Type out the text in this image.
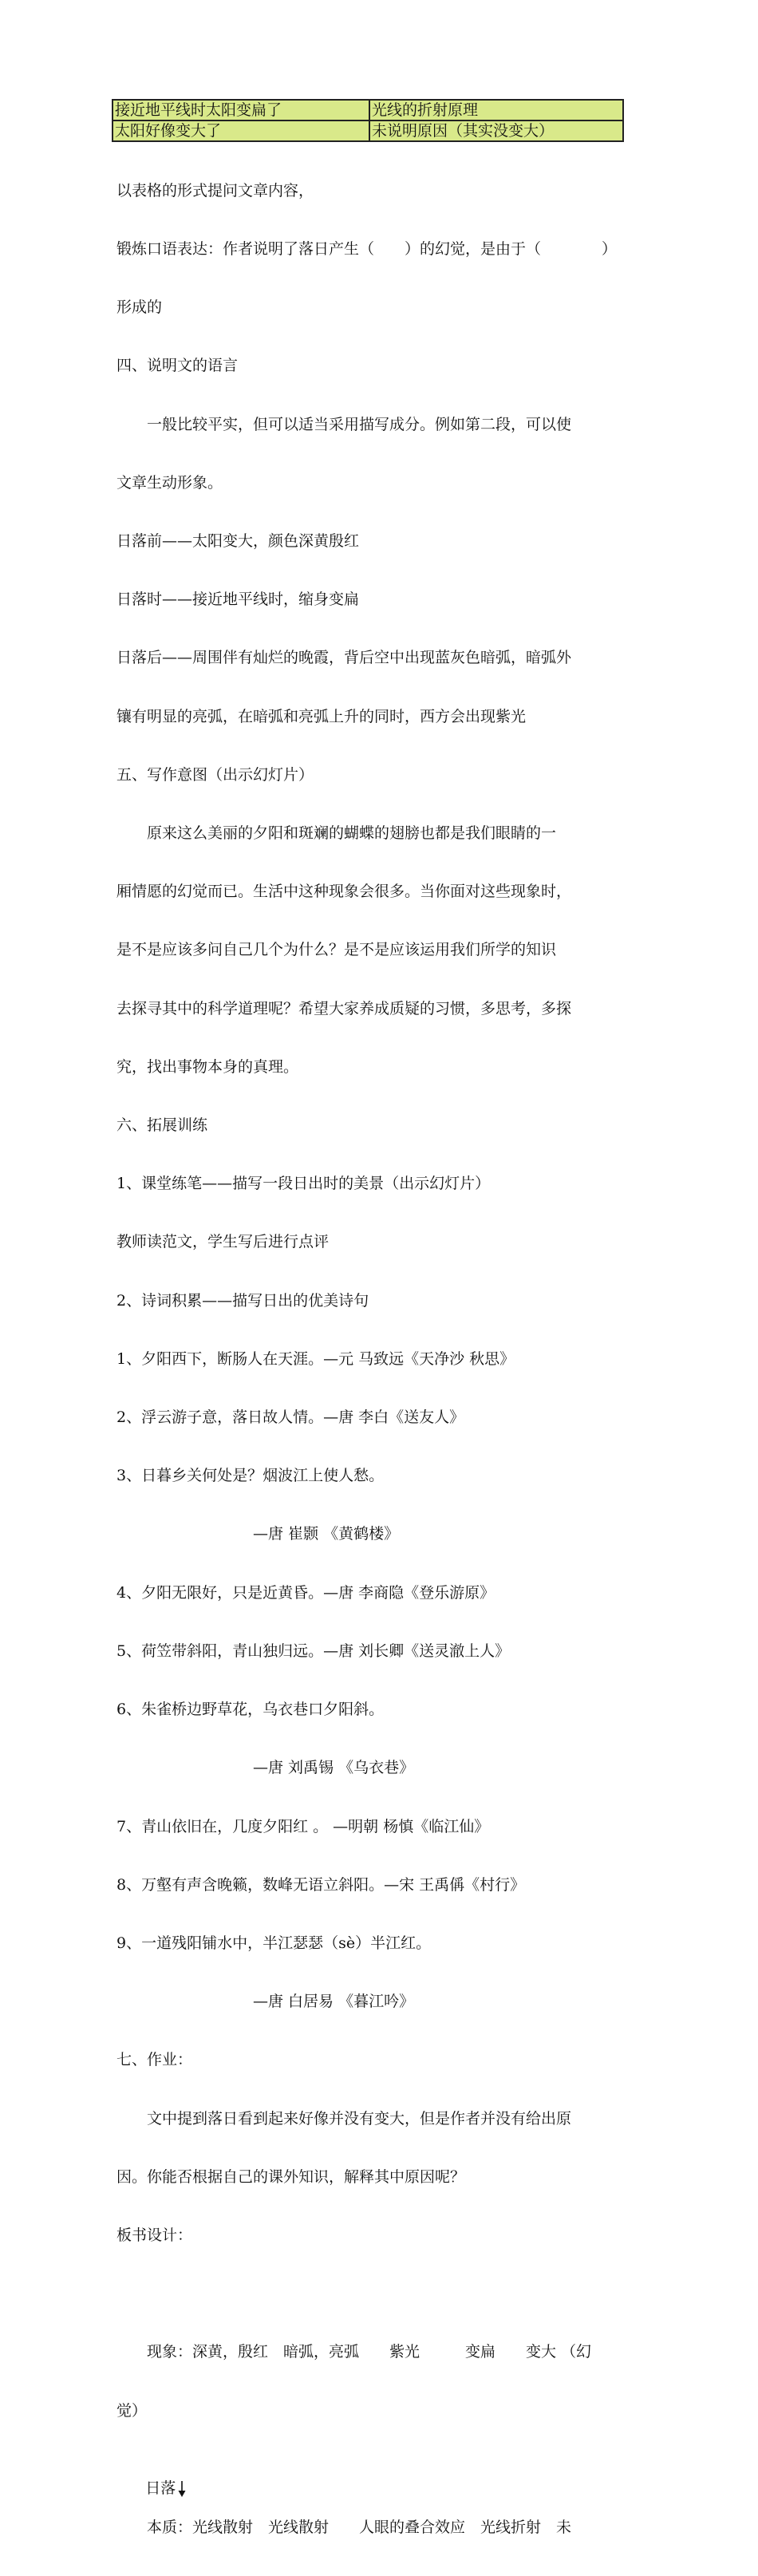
接近地平线时太阳变扁了	光线的折射原理
太阳好像变大了	未说明原因（其实没变大）

以表格的形式提问文章内容，

锻炼口语表达：作者说明了落日产生（　　）的幻觉，是由于（　　　　）

形成的

四、说明文的语言

　　一般比较平实，但可以适当采用描写成分。例如第二段，可以使

文章生动形象。

日落前——太阳变大，颜色深黄殷红

日落时——接近地平线时，缩身变扁

日落后——周围伴有灿烂的晚霞，背后空中出现蓝灰色暗弧，暗弧外

镶有明显的亮弧，在暗弧和亮弧上升的同时，西方会出现紫光

五、写作意图（出示幻灯片）

　　原来这么美丽的夕阳和斑斓的蝴蝶的翅膀也都是我们眼睛的一

厢情愿的幻觉而已。生活中这种现象会很多。当你面对这些现象时，

是不是应该多问自己几个为什么？是不是应该运用我们所学的知识

去探寻其中的科学道理呢？希望大家养成质疑的习惯，多思考，多探

究，找出事物本身的真理。

六、拓展训练

1、课堂练笔——描写一段日出时的美景（出示幻灯片）

教师读范文，学生写后进行点评

2、诗词积累——描写日出的优美诗句

1、夕阳西下，断肠人在天涯。—元 马致远《天净沙 秋思》

2、浮云游子意，落日故人情。—唐 李白《送友人》

3、日暮乡关何处是？烟波江上使人愁。

　　　　　　　　　—唐 崔颢 《黄鹤楼》

4、夕阳无限好，只是近黄昏。—唐 李商隐《登乐游原》

5、荷笠带斜阳，青山独归远。—唐 刘长卿《送灵澈上人》

6、朱雀桥边野草花，乌衣巷口夕阳斜。

　　　　　　　　　—唐 刘禹锡 《乌衣巷》

7、青山依旧在，几度夕阳红 。 —明朝 杨慎《临江仙》

8、万壑有声含晚籁，数峰无语立斜阳。—宋 王禹偁《村行》

9、一道残阳铺水中，半江瑟瑟（sè）半江红。

　　　　　　　　　—唐 白居易 《暮江吟》

七、作业：

　　文中提到落日看到起来好像并没有变大，但是作者并没有给出原

因。你能否根据自己的课外知识，解释其中原因呢？

板书设计：

　　现象：深黄，殷红　暗弧，亮弧　　紫光　　　变扁　　变大 （幻

觉）

日落

　　本质：光线散射　光线散射　　人眼的叠合效应　光线折射　未
